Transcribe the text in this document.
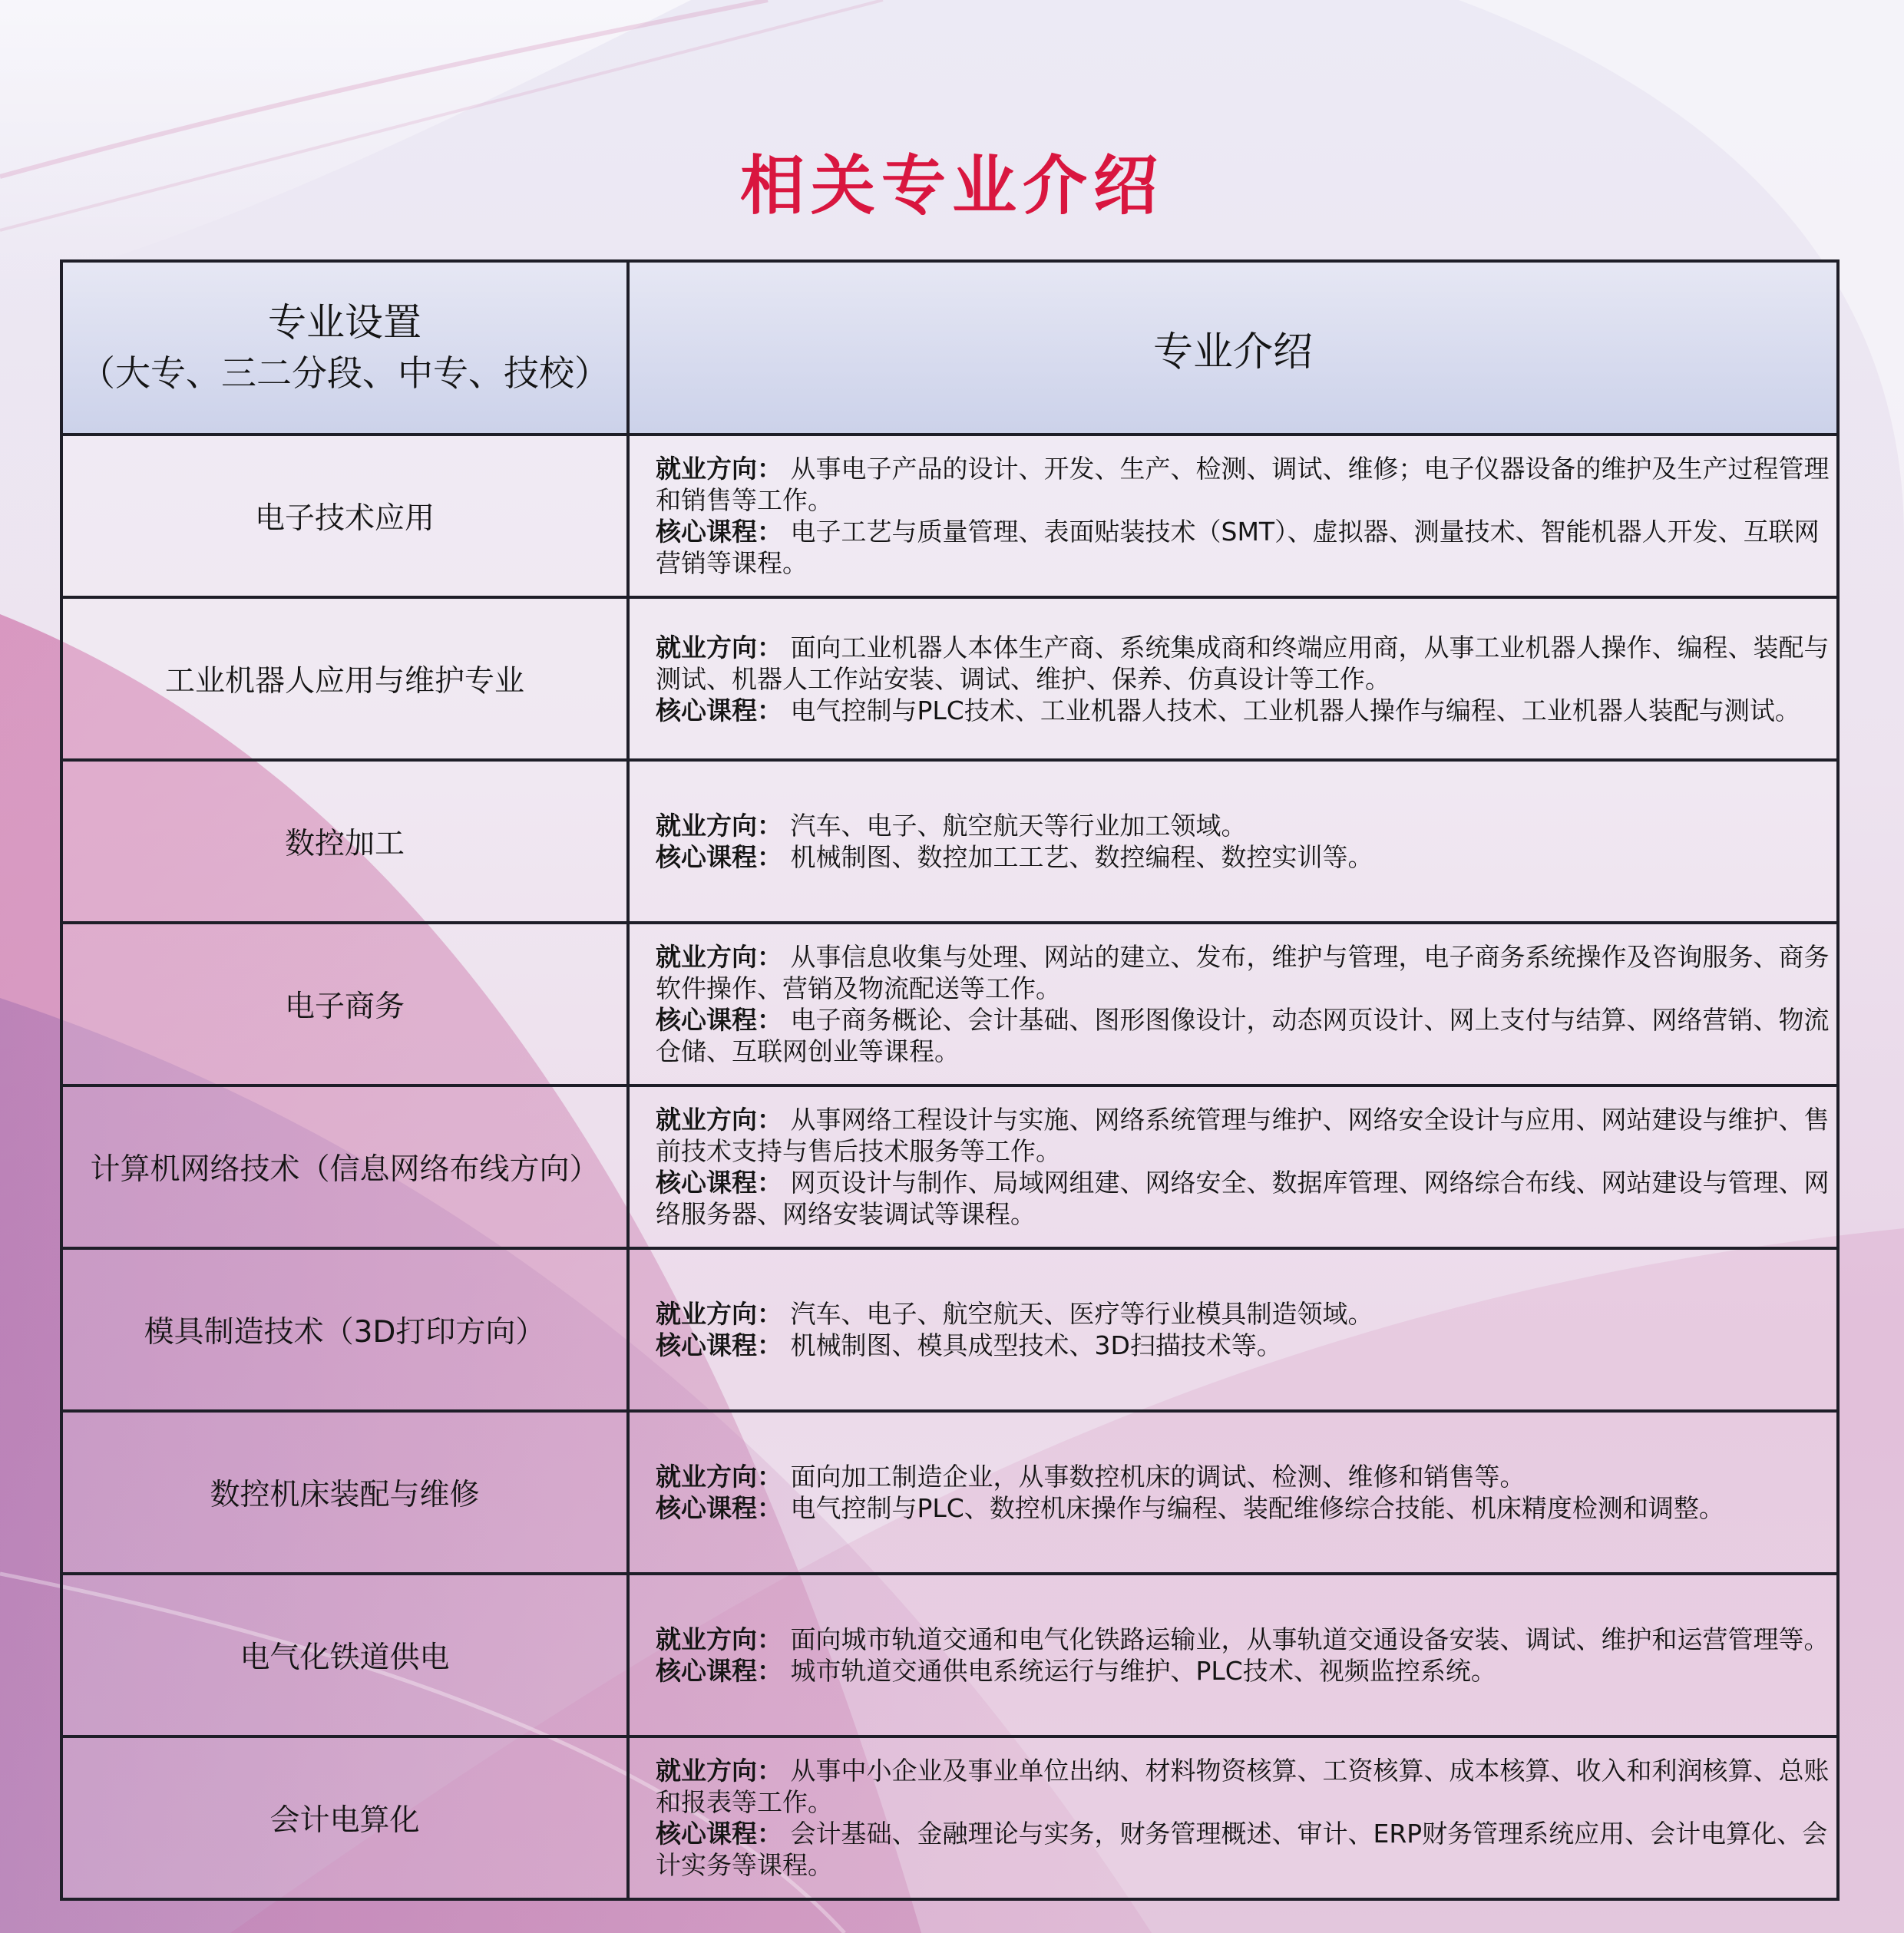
相关专业介绍
专业设置
（大专、三二分段、中专、技校）	专业介绍
电子技术应用	就业方向： 从事电子产品的设计、开发、生产、检测、调试、维修；电子仪器设备的维护及生产过程管理和销售等工作。
核心课程： 电子工艺与质量管理、表面贴装技术（SMT）、虚拟器、测量技术、智能机器人开发、互联网营销等课程。

工业机器人应用与维护专业	就业方向： 面向工业机器人本体生产商、系统集成商和终端应用商，从事工业机器人操作、编程、装配与测试、机器人工作站安装、调试、维护、保养、仿真设计等工作。
核心课程： 电气控制与PLC技术、工业机器人技术、工业机器人操作与编程、工业机器人装配与测试。

数控加工	就业方向： 汽车、电子、航空航天等行业加工领域。
核心课程： 机械制图、数控加工工艺、数控编程、数控实训等。

电子商务	就业方向： 从事信息收集与处理、网站的建立、发布，维护与管理，电子商务系统操作及咨询服务、商务软件操作、营销及物流配送等工作。
核心课程： 电子商务概论、会计基础、图形图像设计，动态网页设计、网上支付与结算、网络营销、物流仓储、互联网创业等课程。

计算机网络技术（信息网络布线方向）	就业方向： 从事网络工程设计与实施、网络系统管理与维护、网络安全设计与应用、网站建设与维护、售前技术支持与售后技术服务等工作。
核心课程： 网页设计与制作、局域网组建、网络安全、数据库管理、网络综合布线、网站建设与管理、网络服务器、网络安装调试等课程。

模具制造技术（3D打印方向）	就业方向： 汽车、电子、航空航天、医疗等行业模具制造领域。
核心课程： 机械制图、模具成型技术、3D扫描技术等。

数控机床装配与维修	就业方向： 面向加工制造企业，从事数控机床的调试、检测、维修和销售等。
核心课程： 电气控制与PLC、数控机床操作与编程、装配维修综合技能、机床精度检测和调整。

电气化铁道供电	就业方向： 面向城市轨道交通和电气化铁路运输业，从事轨道交通设备安装、调试、维护和运营管理等。
核心课程： 城市轨道交通供电系统运行与维护、PLC技术、视频监控系统。

会计电算化	就业方向： 从事中小企业及事业单位出纳、材料物资核算、工资核算、成本核算、收入和利润核算、总账和报表等工作。
核心课程： 会计基础、金融理论与实务，财务管理概述、审计、ERP财务管理系统应用、会计电算化、会计实务等课程。
